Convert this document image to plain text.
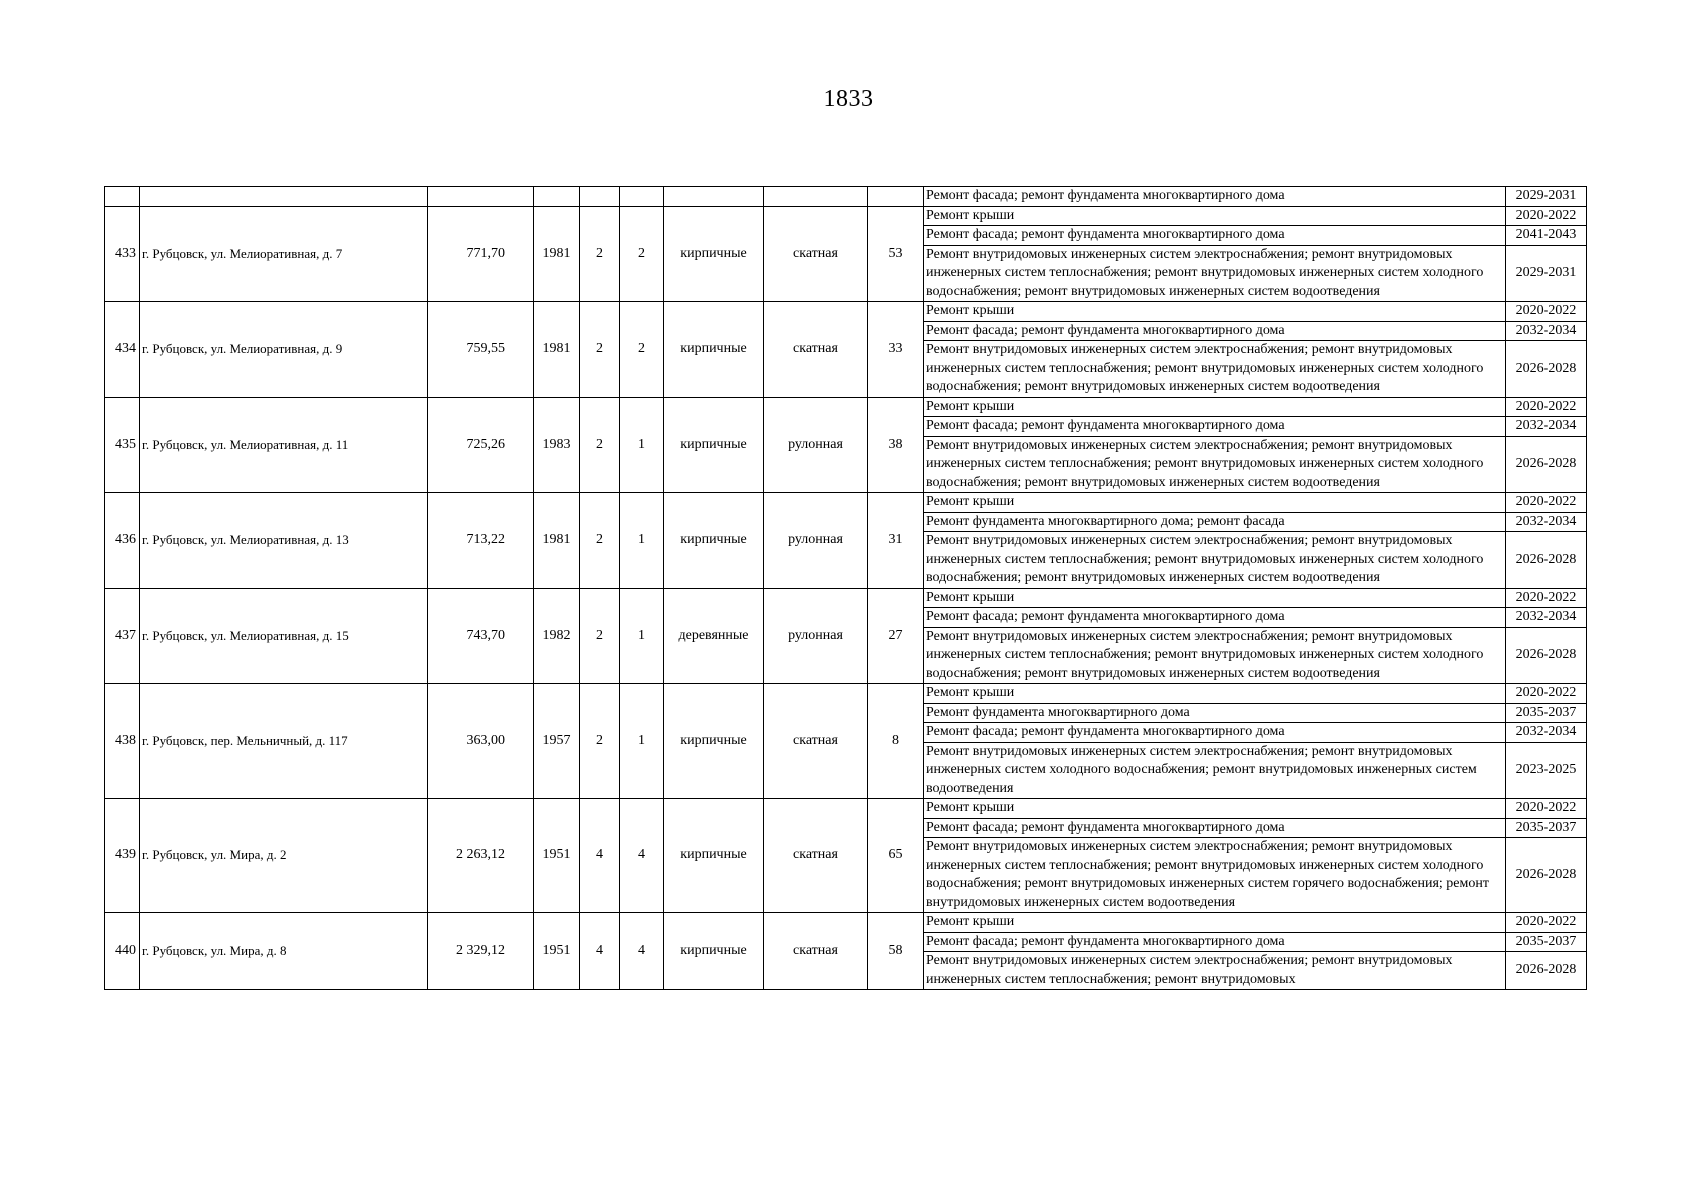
1833
									Ремонт фасада; ремонт фундамента многоквартирного дома	2029-2031
433	г. Рубцовск, ул. Мелиоративная, д. 7	771,70	1981	2	2	кирпичные	скатная	53	Ремонт крыши	2020-2022
									Ремонт фасада; ремонт фундамента многоквартирного дома	2041-2043
									Ремонт внутридомовых инженерных систем электроснабжения; ремонт внутридомовых инженерных систем теплоснабжения; ремонт внутридомовых инженерных систем холодного водоснабжения; ремонт внутридомовых инженерных систем водоотведения	2029-2031
434	г. Рубцовск, ул. Мелиоративная, д. 9	759,55	1981	2	2	кирпичные	скатная	33	Ремонт крыши	2020-2022
									Ремонт фасада; ремонт фундамента многоквартирного дома	2032-2034
									Ремонт внутридомовых инженерных систем электроснабжения; ремонт внутридомовых инженерных систем теплоснабжения; ремонт внутридомовых инженерных систем холодного водоснабжения; ремонт внутридомовых инженерных систем водоотведения	2026-2028
435	г. Рубцовск, ул. Мелиоративная, д. 11	725,26	1983	2	1	кирпичные	рулонная	38	Ремонт крыши	2020-2022
									Ремонт фасада; ремонт фундамента многоквартирного дома	2032-2034
									Ремонт внутридомовых инженерных систем электроснабжения; ремонт внутридомовых инженерных систем теплоснабжения; ремонт внутридомовых инженерных систем холодного водоснабжения; ремонт внутридомовых инженерных систем водоотведения	2026-2028
436	г. Рубцовск, ул. Мелиоративная, д. 13	713,22	1981	2	1	кирпичные	рулонная	31	Ремонт крыши	2020-2022
									Ремонт фундамента многоквартирного дома; ремонт фасада	2032-2034
									Ремонт внутридомовых инженерных систем электроснабжения; ремонт внутридомовых инженерных систем теплоснабжения; ремонт внутридомовых инженерных систем холодного водоснабжения; ремонт внутридомовых инженерных систем водоотведения	2026-2028
437	г. Рубцовск, ул. Мелиоративная, д. 15	743,70	1982	2	1	деревянные	рулонная	27	Ремонт крыши	2020-2022
									Ремонт фасада; ремонт фундамента многоквартирного дома	2032-2034
									Ремонт внутридомовых инженерных систем электроснабжения; ремонт внутридомовых инженерных систем теплоснабжения; ремонт внутридомовых инженерных систем холодного водоснабжения; ремонт внутридомовых инженерных систем водоотведения	2026-2028
438	г. Рубцовск, пер. Мельничный, д. 117	363,00	1957	2	1	кирпичные	скатная	8	Ремонт крыши	2020-2022
									Ремонт фундамента многоквартирного дома	2035-2037
									Ремонт фасада; ремонт фундамента многоквартирного дома	2032-2034
									Ремонт внутридомовых инженерных систем электроснабжения; ремонт внутридомовых инженерных систем холодного водоснабжения; ремонт внутридомовых инженерных систем водоотведения	2023-2025
439	г. Рубцовск, ул. Мира, д. 2	2 263,12	1951	4	4	кирпичные	скатная	65	Ремонт крыши	2020-2022
									Ремонт фасада; ремонт фундамента многоквартирного дома	2035-2037
									Ремонт внутридомовых инженерных систем электроснабжения; ремонт внутридомовых инженерных систем теплоснабжения; ремонт внутридомовых инженерных систем холодного водоснабжения; ремонт внутридомовых инженерных систем горячего водоснабжения; ремонт внутридомовых инженерных систем водоотведения	2026-2028
440	г. Рубцовск, ул. Мира, д. 8	2 329,12	1951	4	4	кирпичные	скатная	58	Ремонт крыши	2020-2022
									Ремонт фасада; ремонт фундамента многоквартирного дома	2035-2037
									Ремонт внутридомовых инженерных систем электроснабжения; ремонт внутридомовых инженерных систем теплоснабжения; ремонт внутридомовых	2026-2028
